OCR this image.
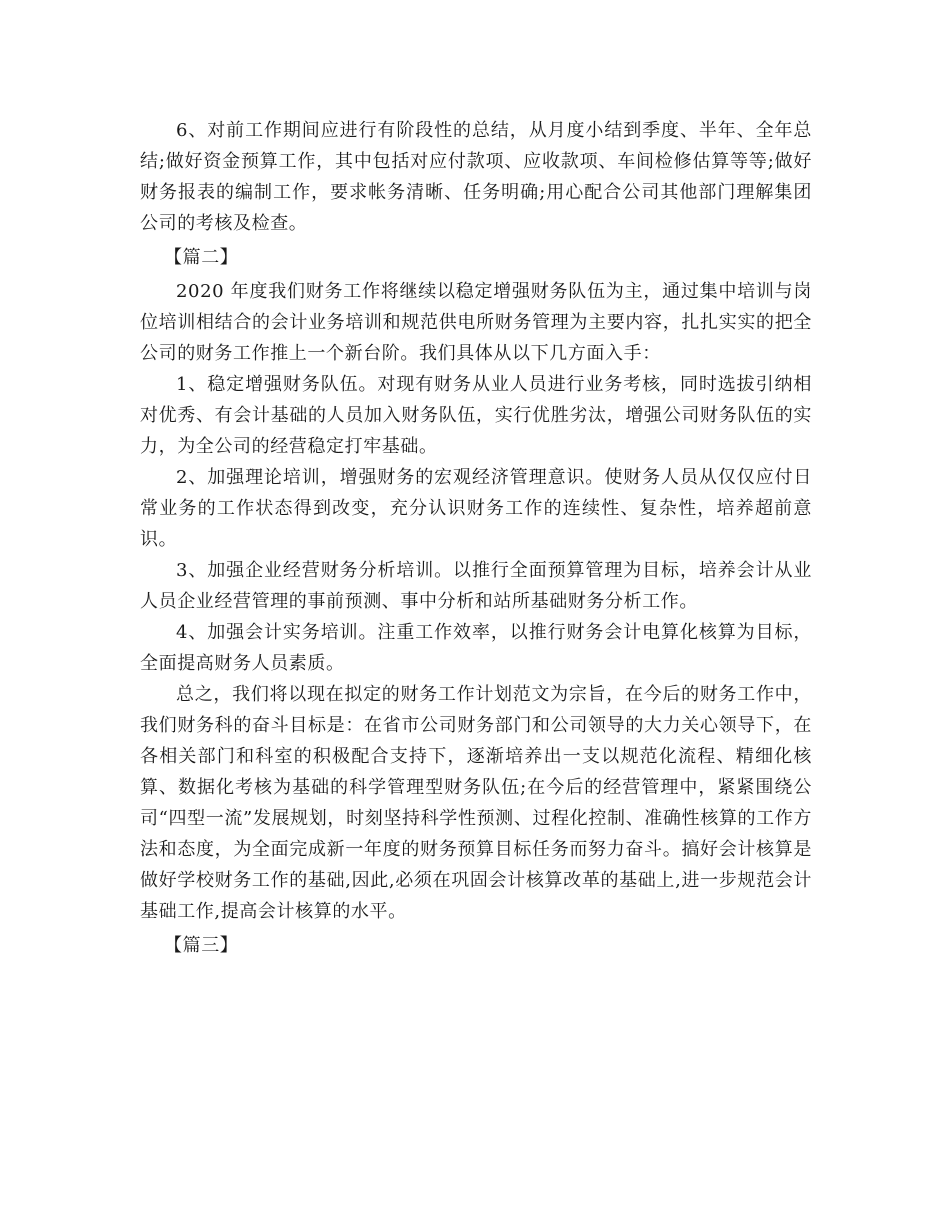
6、对前工作期间应进行有阶段性的总结，从月度小结到季度、半年、全年总结;做好资金预算工作，其中包括对应付款项、应收款项、车间检修估算等等;做好财务报表的编制工作，要求帐务清晰、任务明确;用心配合公司其他部门理解集团公司的考核及检查。

【篇二】

2020 年度我们财务工作将继续以稳定增强财务队伍为主，通过集中培训与岗位培训相结合的会计业务培训和规范供电所财务管理为主要内容，扎扎实实的把全公司的财务工作推上一个新台阶。我们具体从以下几方面入手：

1、稳定增强财务队伍。对现有财务从业人员进行业务考核，同时选拔引纳相对优秀、有会计基础的人员加入财务队伍，实行优胜劣汰，增强公司财务队伍的实力，为全公司的经营稳定打牢基础。

2、加强理论培训，增强财务的宏观经济管理意识。使财务人员从仅仅应付日常业务的工作状态得到改变，充分认识财务工作的连续性、复杂性，培养超前意识。

3、加强企业经营财务分析培训。以推行全面预算管理为目标，培养会计从业人员企业经营管理的事前预测、事中分析和站所基础财务分析工作。

4、加强会计实务培训。注重工作效率，以推行财务会计电算化核算为目标，全面提高财务人员素质。

总之，我们将以现在拟定的财务工作计划范文为宗旨，在今后的财务工作中，我们财务科的奋斗目标是：在省市公司财务部门和公司领导的大力关心领导下，在各相关部门和科室的积极配合支持下，逐渐培养出一支以规范化流程、精细化核算、数据化考核为基础的科学管理型财务队伍;在今后的经营管理中，紧紧围绕公司“四型一流”发展规划，时刻坚持科学性预测、过程化控制、准确性核算的工作方法和态度，为全面完成新一年度的财务预算目标任务而努力奋斗。搞好会计核算是做好学校财务工作的基础,因此,必须在巩固会计核算改革的基础上,进一步规范会计基础工作,提高会计核算的水平。

【篇三】
